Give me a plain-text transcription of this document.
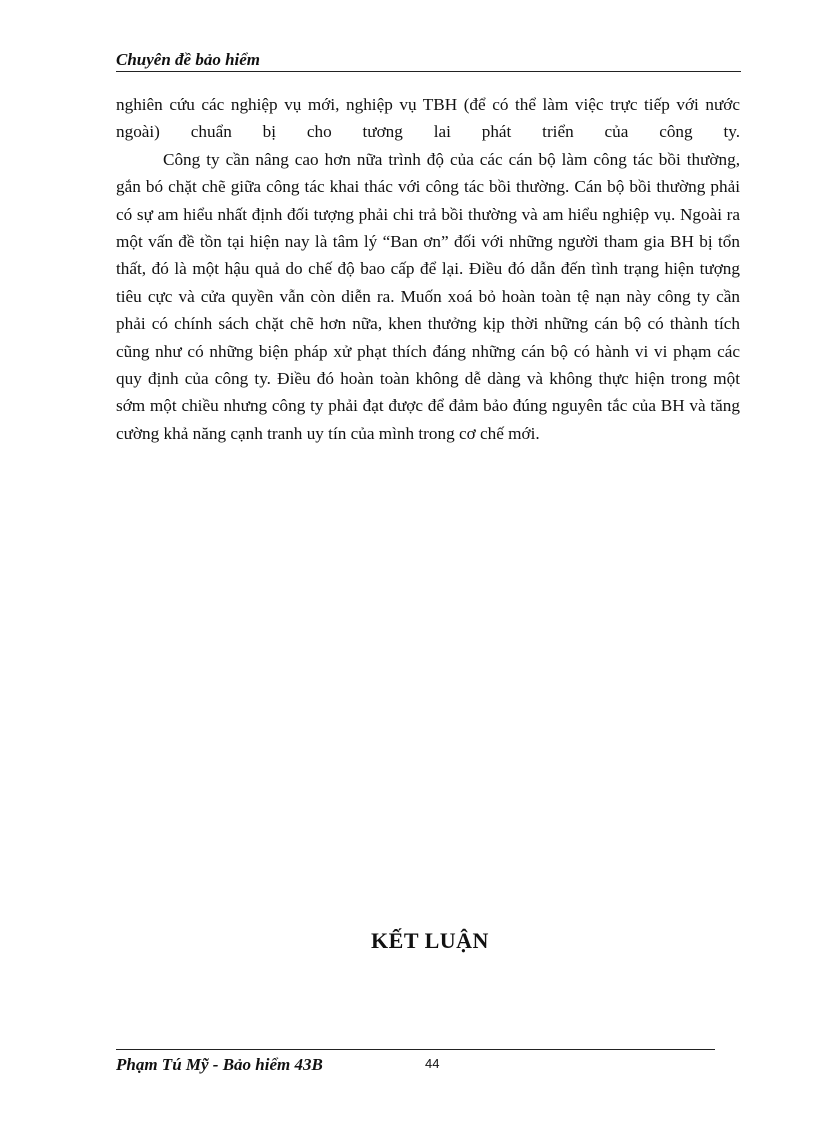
Chuyên đề bảo hiểm

nghiên cứu các nghiệp vụ mới, nghiệp vụ TBH (để có thể làm việc trực tiếp với nước ngoài) chuẩn bị cho tương lai phát triển của công ty.

Công ty cần nâng cao hơn nữa trình độ của các cán bộ làm công tác bồi thường, gắn bó chặt chẽ giữa công tác khai thác với công tác bồi thường. Cán bộ bồi thường phải có sự am hiểu nhất định đối tượng phải chi trả bồi thường và am hiểu nghiệp vụ. Ngoài ra một vấn đề tồn tại hiện nay là tâm lý “Ban ơn” đối với những người tham gia BH bị tổn thất, đó là một hậu quả do chế độ bao cấp để lại. Điều đó dẫn đến tình trạng hiện tượng tiêu cực và cửa quyền vẫn còn diễn ra. Muốn xoá bỏ hoàn toàn tệ nạn này công ty cần phải có chính sách chặt chẽ hơn nữa, khen thưởng kịp thời những cán bộ có thành tích cũng như có những biện pháp xử phạt thích đáng những cán bộ có hành vi vi phạm các quy định của công ty. Điều đó hoàn toàn không dễ dàng và không thực hiện trong một sớm một chiều nhưng công ty phải đạt được để đảm bảo đúng nguyên tắc của BH và tăng cường khả năng cạnh tranh uy tín của mình trong cơ chế mới.

KẾT LUẬN
Phạm Tú Mỹ - Bảo hiểm 43B	44
